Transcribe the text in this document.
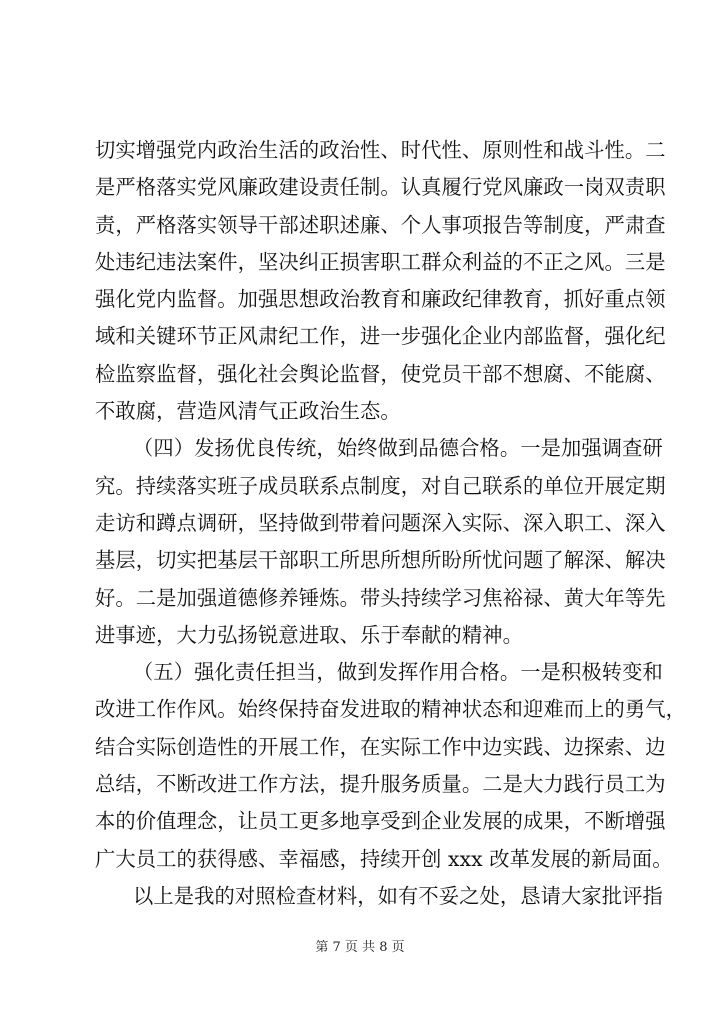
切实增强党内政治生活的政治性、时代性、原则性和战斗性。二
是严格落实党风廉政建设责任制。认真履行党风廉政一岗双责职
责，严格落实领导干部述职述廉、个人事项报告等制度，严肃查
处违纪违法案件，坚决纠正损害职工群众利益的不正之风。三是
强化党内监督。加强思想政治教育和廉政纪律教育，抓好重点领
域和关键环节正风肃纪工作，进一步强化企业内部监督，强化纪
检监察监督，强化社会舆论监督，使党员干部不想腐、不能腐、
不敢腐，营造风清气正政治生态。
（四）发扬优良传统，始终做到品德合格。一是加强调查研
究。持续落实班子成员联系点制度，对自己联系的单位开展定期
走访和蹲点调研，坚持做到带着问题深入实际、深入职工、深入
基层，切实把基层干部职工所思所想所盼所忧问题了解深、解决
好。二是加强道德修养锤炼。带头持续学习焦裕禄、黄大年等先
进事迹，大力弘扬锐意进取、乐于奉献的精神。
（五）强化责任担当，做到发挥作用合格。一是积极转变和
改进工作作风。始终保持奋发进取的精神状态和迎难而上的勇气，
结合实际创造性的开展工作，在实际工作中边实践、边探索、边
总结，不断改进工作方法，提升服务质量。二是大力践行员工为
本的价值理念，让员工更多地享受到企业发展的成果，不断增强
广大员工的获得感、幸福感，持续开创 xxx 改革发展的新局面。
以上是我的对照检查材料，如有不妥之处，恳请大家批评指
第 7 页 共 8 页
